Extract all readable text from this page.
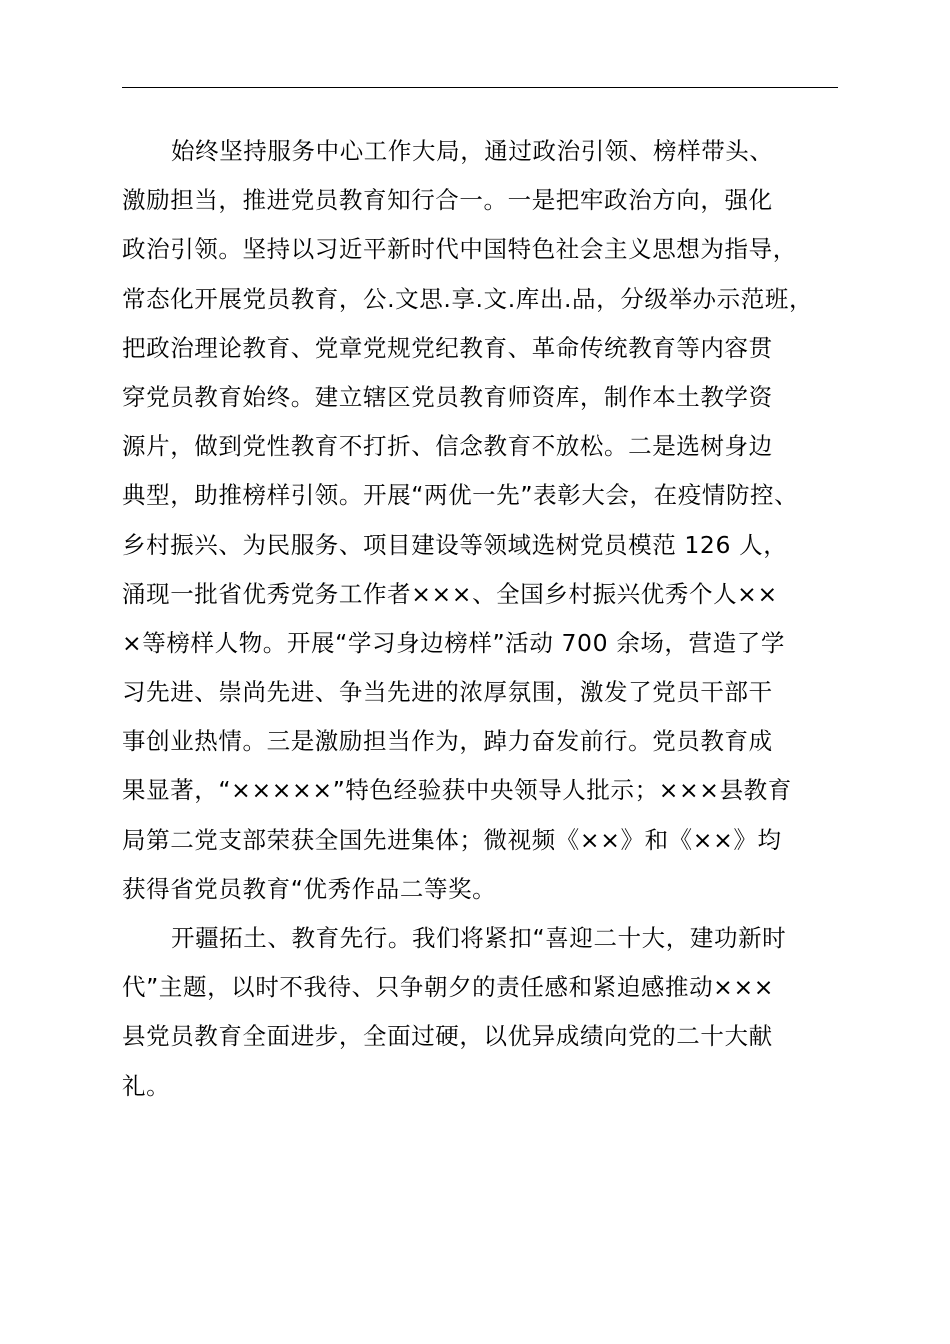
始终坚持服务中心工作大局，通过政治引领、榜样带头、
激励担当，推进党员教育知行合一。一是把牢政治方向，强化
政治引领。坚持以习近平新时代中国特色社会主义思想为指导，
常态化开展党员教育，公.文思.享.文.库出.品，分级举办示范班，
把政治理论教育、党章党规党纪教育、革命传统教育等内容贯
穿党员教育始终。建立辖区党员教育师资库，制作本土教学资
源片，做到党性教育不打折、信念教育不放松。二是选树身边
典型，助推榜样引领。开展“两优一先”表彰大会，在疫情防控、
乡村振兴、为民服务、项目建设等领域选树党员模范 126 人，
涌现一批省优秀党务工作者×××、全国乡村振兴优秀个人××
×等榜样人物。开展“学习身边榜样”活动 700 余场，营造了学
习先进、崇尚先进、争当先进的浓厚氛围，激发了党员干部干
事创业热情。三是激励担当作为，踔力奋发前行。党员教育成
果显著，“×××××”特色经验获中央领导人批示；×××县教育
局第二党支部荣获全国先进集体；微视频《××》和《××》均
获得省党员教育“优秀作品二等奖。
开疆拓土、教育先行。我们将紧扣“喜迎二十大，建功新时
代”主题，以时不我待、只争朝夕的责任感和紧迫感推动×××
县党员教育全面进步，全面过硬，以优异成绩向党的二十大献
礼。
